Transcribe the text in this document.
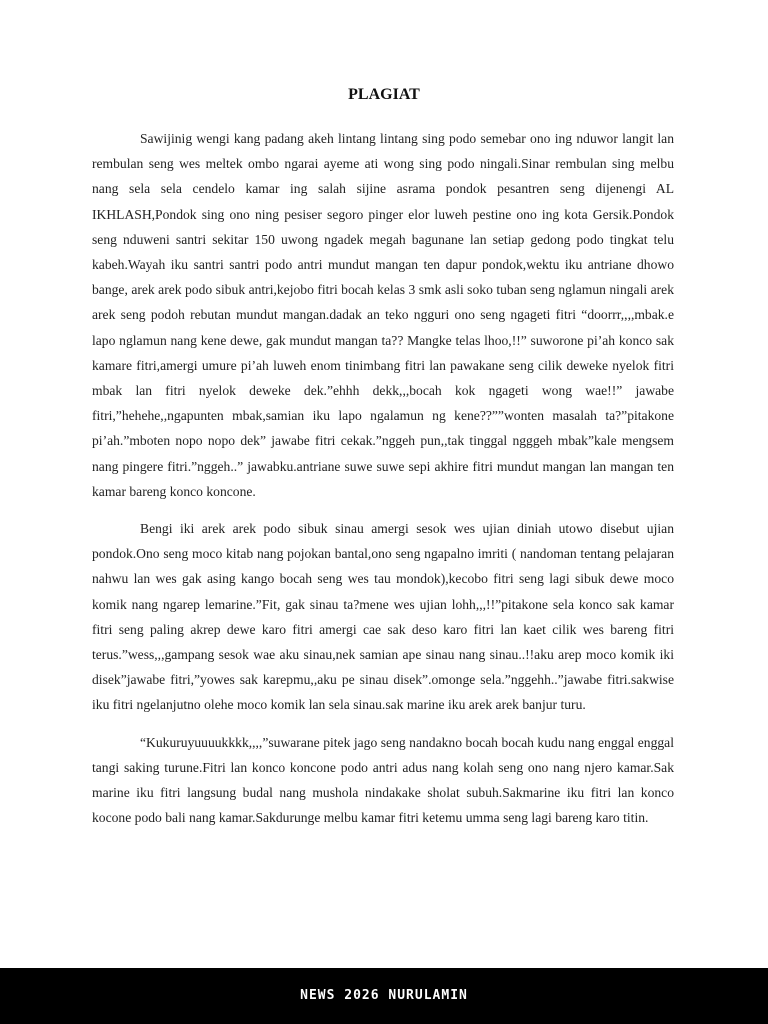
PLAGIAT

Sawijinig wengi kang padang akeh lintang lintang sing podo semebar ono ing nduwor langit lan rembulan seng wes meltek ombo ngarai ayeme ati wong sing podo ningali.Sinar rembulan sing melbu nang sela sela cendelo kamar ing salah sijine asrama pondok pesantren seng dijenengi AL IKHLASH,Pondok sing ono ning pesiser segoro pinger elor luweh pestine ono ing kota Gersik.Pondok seng nduweni santri sekitar 150 uwong ngadek megah bagunane lan setiap gedong podo tingkat telu kabeh.Wayah iku santri santri podo antri mundut mangan ten dapur pondok,wektu iku antriane dhowo bange, arek arek podo sibuk antri,kejobo fitri bocah kelas 3 smk asli soko tuban seng nglamun ningali arek arek seng podoh rebutan mundut mangan.dadak an teko ngguri ono seng ngageti fitri “doorrr,,,,mbak.e lapo nglamun nang kene dewe, gak mundut mangan ta?? Mangke telas lhoo,!!” suworone pi’ah konco sak kamare fitri,amergi umure pi’ah luweh enom tinimbang fitri lan pawakane seng cilik deweke nyelok fitri mbak lan fitri nyelok deweke dek.”ehhh dekk,,,bocah kok ngageti wong wae!!” jawabe fitri,”hehehe,,ngapunten mbak,samian iku lapo ngalamun ng kene??””wonten masalah ta?”pitakone pi’ah.”mboten nopo nopo dek” jawabe fitri cekak.”nggeh pun,,tak tinggal ngggeh mbak”kale mengsem nang pingere fitri.”nggeh..” jawabku.antriane suwe suwe sepi akhire fitri mundut mangan lan mangan ten kamar bareng konco koncone.

Bengi iki arek arek podo sibuk sinau amergi sesok wes ujian diniah utowo disebut ujian pondok.Ono seng moco kitab nang pojokan bantal,ono seng ngapalno imriti ( nandoman tentang pelajaran nahwu lan wes gak asing kango bocah seng wes tau mondok),kecobo fitri seng lagi sibuk dewe moco komik nang ngarep lemarine.”Fit, gak sinau ta?mene wes ujian lohh,,,!!”pitakone sela konco sak kamar fitri seng paling akrep dewe karo fitri amergi cae sak deso karo fitri lan kaet cilik wes bareng fitri terus.”wess,,,gampang sesok wae aku sinau,nek samian ape sinau nang sinau..!!aku arep moco komik iki disek”jawabe fitri,”yowes sak karepmu,,aku pe sinau disek”.omonge sela.”nggehh..”jawabe fitri.sakwise iku fitri ngelanjutno olehe moco komik lan sela sinau.sak marine iku arek arek banjur turu.

“Kukuruyuuuukkkk,,,,”suwarane pitek jago seng nandakno bocah bocah kudu nang enggal enggal tangi saking turune.Fitri lan konco koncone podo antri adus nang kolah seng ono nang njero kamar.Sak marine iku fitri langsung budal nang mushola nindakake sholat subuh.Sakmarine iku fitri lan konco kocone podo bali nang kamar.Sakdurunge melbu kamar fitri ketemu umma seng lagi bareng karo titin.

NEWS 2026 NURULAMIN
